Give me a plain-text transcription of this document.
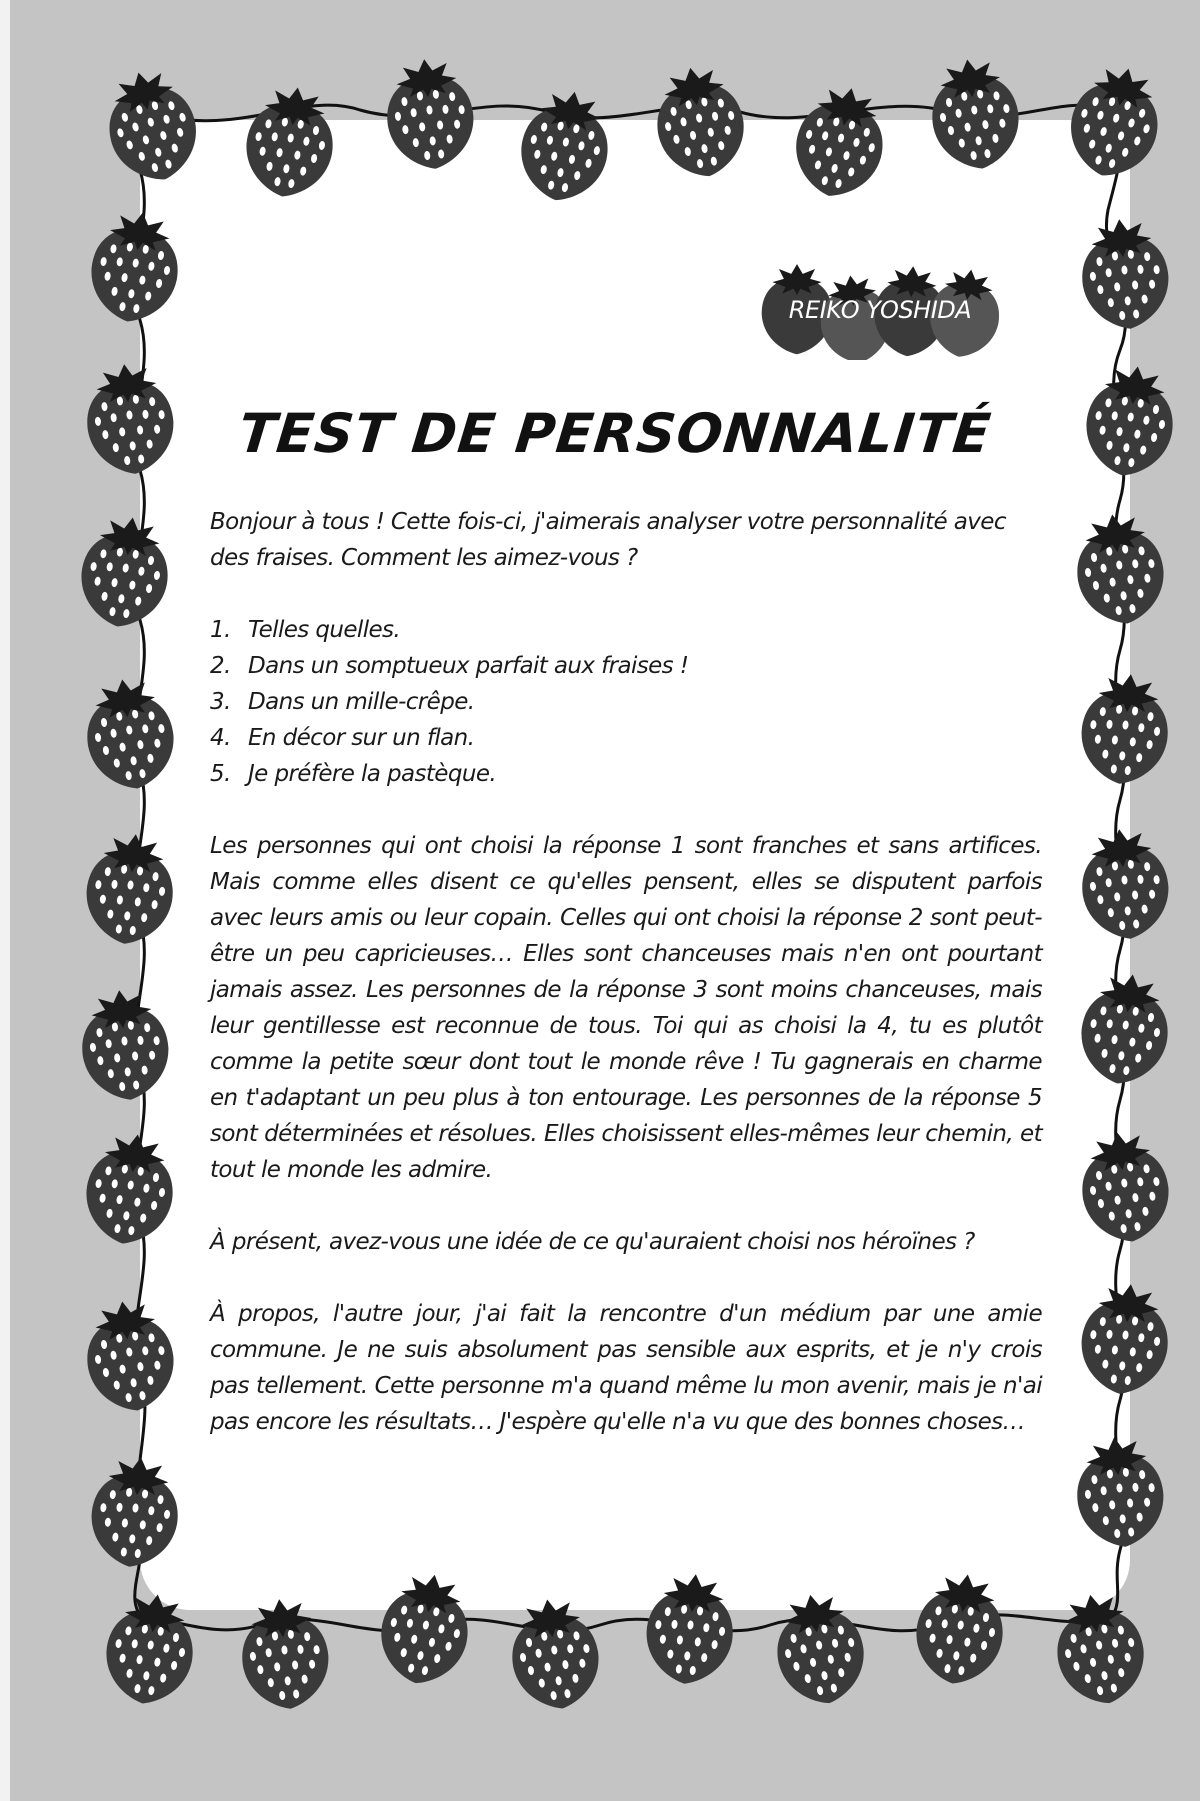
REIKO YOSHIDA
TEST DE PERSONNALITÉ

Bonjour à tous ! Cette fois-ci, j'aimerais analyser votre personnalité avec des fraises. Comment les aimez-vous ?

1. Telles quelles.
2. Dans un somptueux parfait aux fraises !
3. Dans un mille-crêpe.
4. En décor sur un flan.
5. Je préfère la pastèque.

Les personnes qui ont choisi la réponse 1 sont franches et sans artifices. Mais comme elles disent ce qu'elles pensent, elles se disputent parfois avec leurs amis ou leur copain. Celles qui ont choisi la réponse 2 sont peut-être un peu capricieuses… Elles sont chanceuses mais n'en ont pourtant jamais assez. Les personnes de la réponse 3 sont moins chanceuses, mais leur gentillesse est reconnue de tous. Toi qui as choisi la 4, tu es plutôt comme la petite sœur dont tout le monde rêve ! Tu gagnerais en charme en t'adaptant un peu plus à ton entourage. Les personnes de la réponse 5 sont déterminées et résolues. Elles choisissent elles-mêmes leur chemin, et tout le monde les admire.

À présent, avez-vous une idée de ce qu'auraient choisi nos héroïnes ?

À propos, l'autre jour, j'ai fait la rencontre d'un médium par une amie commune. Je ne suis absolument pas sensible aux esprits, et je n'y crois pas tellement. Cette personne m'a quand même lu mon avenir, mais je n'ai pas encore les résultats… J'espère qu'elle n'a vu que des bonnes choses…
